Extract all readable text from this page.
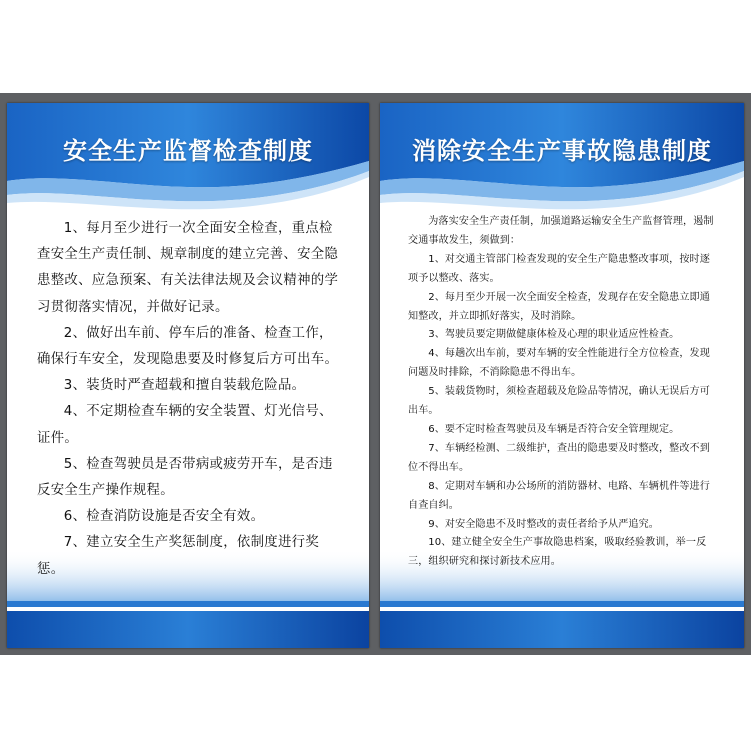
安全生产监督检查制度

1、每月至少进行一次全面安全检查，重点检查安全生产责任制、规章制度的建立完善、安全隐患整改、应急预案、有关法律法规及会议精神的学习贯彻落实情况，并做好记录。

2、做好出车前、停车后的准备、检查工作，确保行车安全，发现隐患要及时修复后方可出车。

3、装货时严查超载和擅自装载危险品。

4、不定期检查车辆的安全装置、灯光信号、证件。

5、检查驾驶员是否带病或疲劳开车，是否违反安全生产操作规程。

6、检查消防设施是否安全有效。

7、建立安全生产奖惩制度，依制度进行奖惩。

消除安全生产事故隐患制度

为落实安全生产责任制，加强道路运输安全生产监督管理，遏制交通事故发生，须做到：

1、对交通主管部门检查发现的安全生产隐患整改事项，按时逐项予以整改、落实。

2、每月至少开展一次全面安全检查，发现存在安全隐患立即通知整改，并立即抓好落实，及时消除。

3、驾驶员要定期做健康体检及心理的职业适应性检查。

4、每趟次出车前，要对车辆的安全性能进行全方位检查，发现问题及时排除，不消除隐患不得出车。

5、装载货物时，须检查超载及危险品等情况，确认无误后方可出车。

6、要不定时检查驾驶员及车辆是否符合安全管理规定。

7、车辆经检测、二级维护，查出的隐患要及时整改，整改不到位不得出车。

8、定期对车辆和办公场所的消防器材、电路、车辆机件等进行自查自纠。

9、对安全隐患不及时整改的责任者给予从严追究。

10、建立健全安全生产事故隐患档案，吸取经验教训，举一反三，组织研究和探讨新技术应用。
